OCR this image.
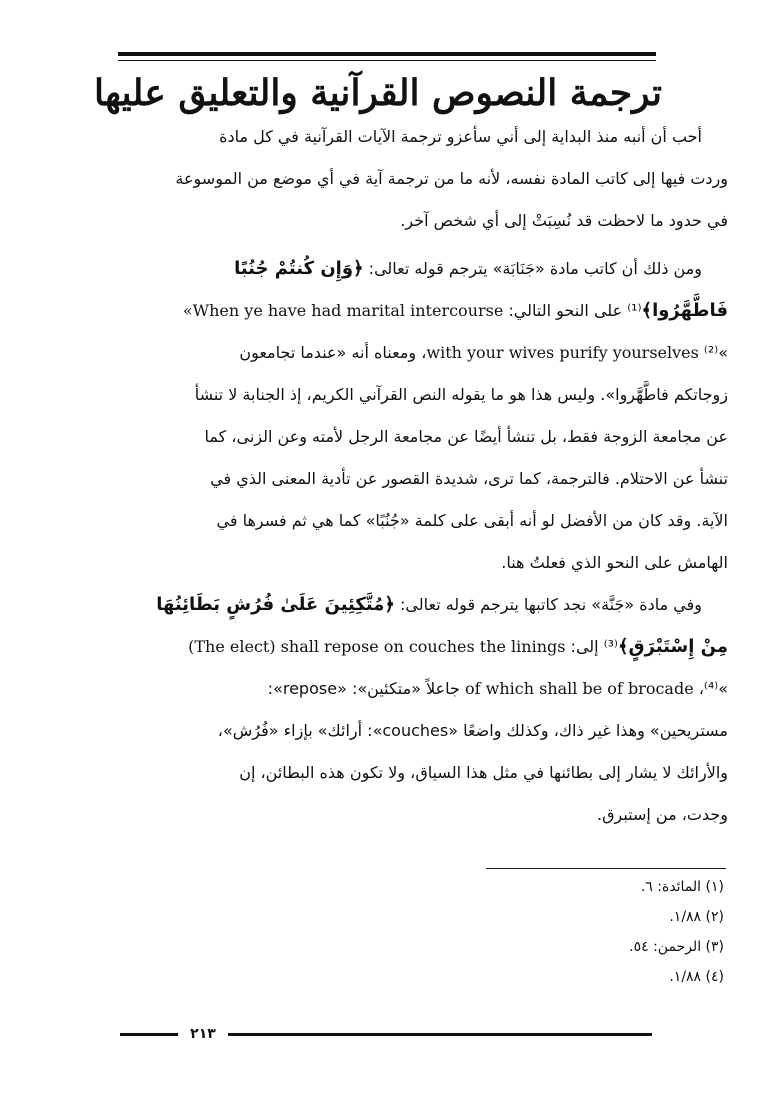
ترجمة النصوص القرآنية والتعليق عليها
أحب أن أنبه منذ البداية إلى أني سأعزو ترجمة الآيات القرآنية في كل مادة
وردت فيها إلى كاتب المادة نفسه، لأنه ما من ترجمة آية في أي موضع من الموسوعة
في حدود ما لاحظت قد نُسِبَتْ إلى أي شخص آخر.
ومن ذلك أن كاتب مادة «جَنَابَة» يترجم قوله تعالى: ﴿وَإِن كُنتُمْ جُنُبًا
فَاطَّهَّرُوا﴾⁽¹⁾ على النحو التالي: «When ye have had marital intercourse
»⁽²⁾ with your wives purify yourselves، ومعناه أنه «عندما تجامعون
زوجاتكم فاطَّهَّروا». وليس هذا هو ما يقوله النص القرآني الكريم، إذ الجنابة لا تنشأ
عن مجامعة الزوجة فقط، بل تنشأ أيضًا عن مجامعة الرجل لأمته وعن الزنى، كما
تنشأ عن الاحتلام. فالترجمة، كما ترى، شديدة القصور عن تأدية المعنى الذي في
الآية. وقد كان من الأفضل لو أنه أبقى على كلمة «جُنُبًا» كما هي ثم فسرها في
الهامش على النحو الذي فعلتُ هنا.
وفي مادة «جَنَّة» نجد كاتبها يترجم قوله تعالى: ﴿مُتَّكِئِينَ عَلَىٰ فُرُشٍ بَطَائِنُهَا
مِنْ إِسْتَبْرَقٍ﴾⁽³⁾ إلى: (The elect) shall repose on couches the linings
»⁽⁴⁾، of which shall be of brocade جاعلاً «متكئين»: «repose»:
مستريحين» وهذا غير ذاك، وكذلك واضعًا «couches»: أرائك» بإزاء «فُرُش»،
والأرائك لا يشار إلى بطائنها في مثل هذا السياق، ولا تكون هذه البطائن، إن
وجدت، من إستبرق.
(١) المائدة: ٦.
(٢) ١/٨٨.
(٣) الرحمن: ٥٤.
(٤) ١/٨٨.
٢١٣
